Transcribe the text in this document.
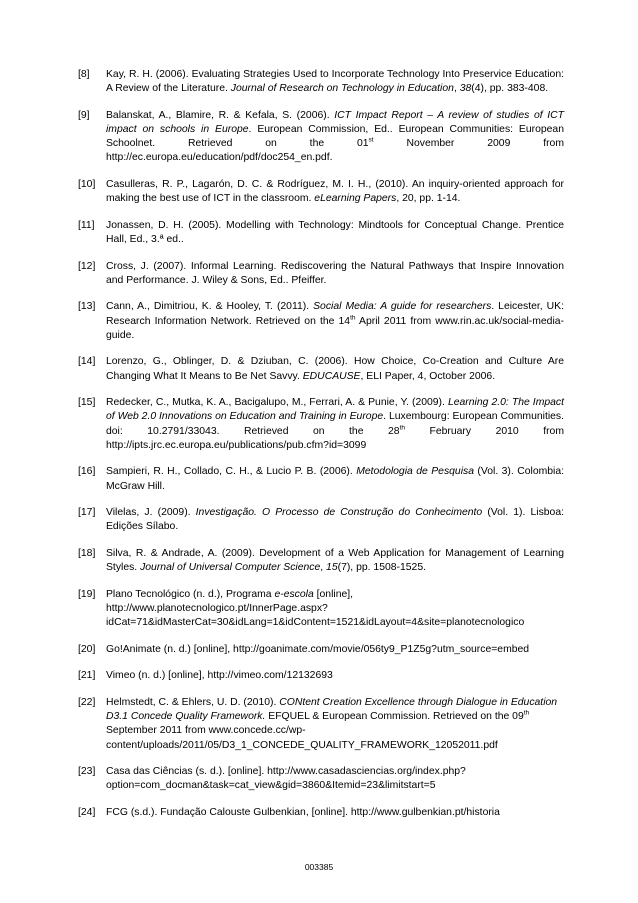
[8]	Kay, R. H. (2006). Evaluating Strategies Used to Incorporate Technology Into Preservice Education: A Review of the Literature. Journal of Research on Technology in Education, 38(4), pp. 383-408.
[9]	Balanskat, A., Blamire, R. & Kefala, S. (2006). ICT Impact Report – A review of studies of ICT impact on schools in Europe. European Commission, Ed.. European Communities: European Schoolnet. Retrieved on the 01st November 2009 from http://ec.europa.eu/education/pdf/doc254_en.pdf.
[10]	Casulleras, R. P., Lagarón, D. C. & Rodríguez, M. I. H., (2010). An inquiry-oriented approach for making the best use of ICT in the classroom. eLearning Papers, 20, pp. 1-14.
[11]	Jonassen, D. H. (2005). Modelling with Technology: Mindtools for Conceptual Change. Prentice Hall, Ed., 3.ª ed..
[12]	Cross, J. (2007). Informal Learning. Rediscovering the Natural Pathways that Inspire Innovation and Performance. J. Wiley & Sons, Ed.. Pfeiffer.
[13]	Cann, A., Dimitriou, K. & Hooley, T. (2011). Social Media: A guide for researchers. Leicester, UK: Research Information Network. Retrieved on the 14th April 2011 from www.rin.ac.uk/social-media-guide.
[14]	Lorenzo, G., Oblinger, D. & Dziuban, C. (2006). How Choice, Co-Creation and Culture Are Changing What It Means to Be Net Savvy. EDUCAUSE, ELI Paper, 4, October 2006.
[15]	Redecker, C., Mutka, K. A., Bacigalupo, M., Ferrari, A. & Punie, Y. (2009). Learning 2.0: The Impact of Web 2.0 Innovations on Education and Training in Europe. Luxembourg: European Communities. doi: 10.2791/33043. Retrieved on the 28th February 2010 from http://ipts.jrc.ec.europa.eu/publications/pub.cfm?id=3099
[16]	Sampieri, R. H., Collado, C. H., & Lucio P. B. (2006). Metodologia de Pesquisa (Vol. 3). Colombia: McGraw Hill.
[17]	Vilelas, J. (2009). Investigação. O Processo de Construção do Conhecimento (Vol. 1). Lisboa: Edições Sílabo.
[18]	Silva, R. & Andrade, A. (2009). Development of a Web Application for Management of Learning Styles. Journal of Universal Computer Science, 15(7), pp. 1508-1525.
[19]	Plano Tecnológico (n. d.), Programa e-escola [online], http://www.planotecnologico.pt/InnerPage.aspx?idCat=71&idMasterCat=30&idLang=1&idContent=1521&idLayout=4&site=planotecnologico
[20]	Go!Animate (n. d.) [online], http://goanimate.com/movie/056ty9_P1Z5g?utm_source=embed
[21]	Vimeo (n. d.) [online], http://vimeo.com/12132693
[22]	Helmstedt, C. & Ehlers, U. D. (2010). CONtent Creation Excellence through Dialogue in Education D3.1 Concede Quality Framework. EFQUEL & European Commission. Retrieved on the 09th September 2011 from www.concede.cc/wp-content/uploads/2011/05/D3_1_CONCEDE_QUALITY_FRAMEWORK_12052011.pdf
[23]	Casa das Ciências (s. d.). [online]. http://www.casadasciencias.org/index.php?option=com_docman&task=cat_view&gid=3860&Itemid=23&limitstart=5
[24]	FCG (s.d.). Fundação Calouste Gulbenkian, [online]. http://www.gulbenkian.pt/historia
003385
